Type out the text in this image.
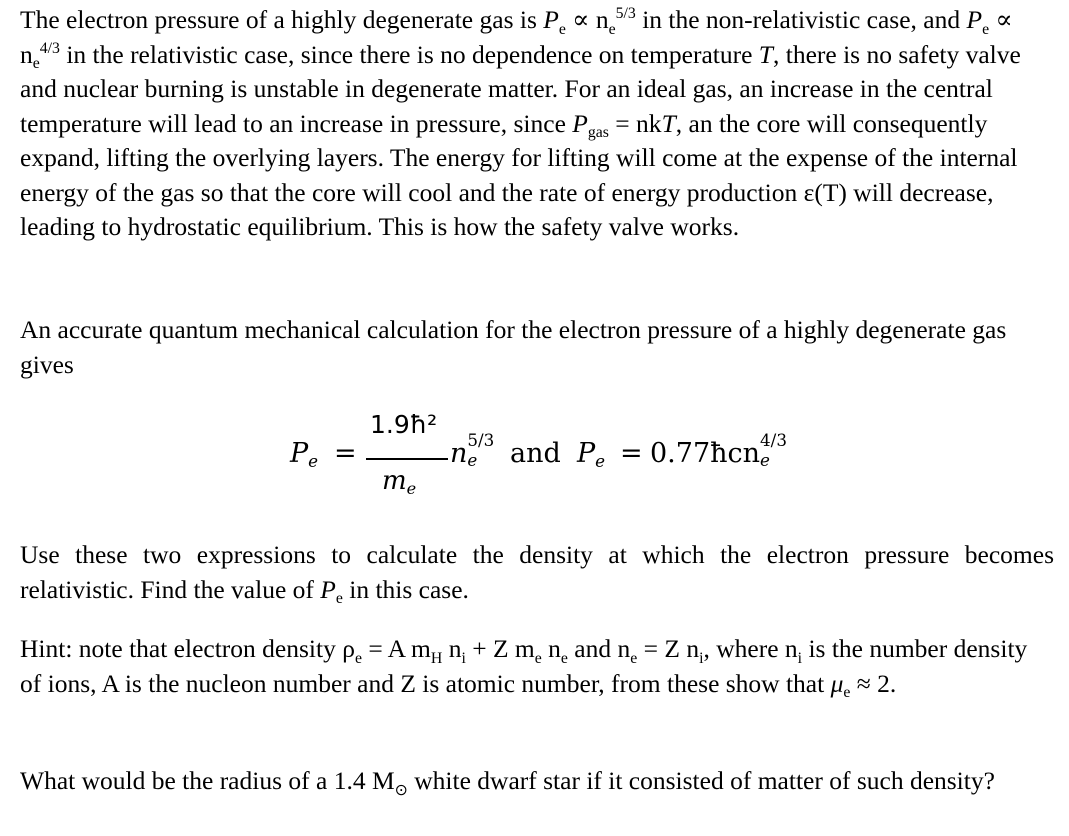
The electron pressure of a highly degenerate gas is $P_e \propto n_e^{5/3}$ in the non-relativistic case, and $P_e \propto n_e^{4/3}$ in the relativistic case, since there is no dependence on temperature T, there is no safety valve and nuclear burning is unstable in degenerate matter. For an ideal gas, an increase in the central temperature will lead to an increase in pressure, since $P_{gas}$ = nkT, an the core will consequently expand, lifting the overlying layers. The energy for lifting will come at the expense of the internal energy of the gas so that the core will cool and the rate of energy production ε(T) will decrease, leading to hydrostatic equilibrium. This is how the safety valve works.

An accurate quantum mechanical calculation for the electron pressure of a highly degenerate gas gives

Pe =
1.9ħ²
me
n 5/3
e and Pe = 0.77ħcn 4/3
e

Use these two expressions to calculate the density at which the electron pressure becomes relativistic. Find the value of $P_e$ in this case.

Hint: note that electron density $\rho_e = A$ $m_H$ $n_i + Z$ $m_e$ $n_e$ and $n_e = Z$ $n_i$, where $n_i$ is the number density of ions, A is the nucleon number and Z is atomic number, from these show that $\mu_e \approx 2$.

What would be the radius of a 1.4 $M_⊙$ white dwarf star if it consisted of matter of such density?
